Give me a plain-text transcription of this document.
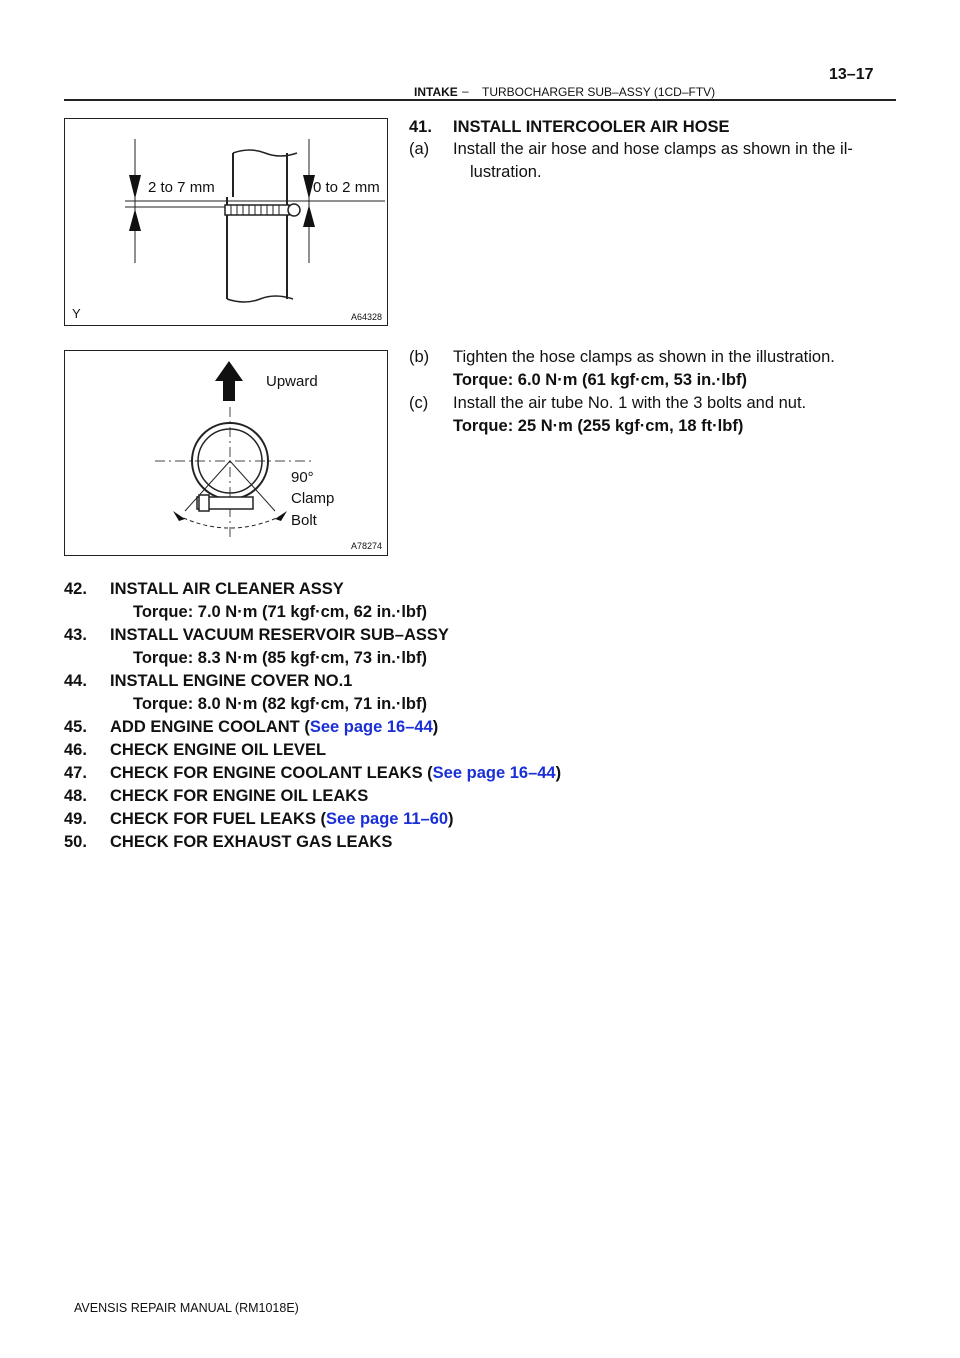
13–17
INTAKE – TURBOCHARGER SUB–ASSY (1CD–FTV)
2 to 7 mm	0 to 2 mm
Y	A64328
Upward
90°
Clamp
Bolt
A78274
41. INSTALL INTERCOOLER AIR HOSE
(a) Install the air hose and hose clamps as shown in the il-
lustration.
(b) Tighten the hose clamps as shown in the illustration.
Torque: 6.0 N·m (61 kgf·cm, 53 in.·lbf)
(c) Install the air tube No. 1 with the 3 bolts and nut.
Torque: 25 N·m (255 kgf·cm, 18 ft·lbf)
42. INSTALL AIR CLEANER ASSY
Torque: 7.0 N·m (71 kgf·cm, 62 in.·lbf)
43. INSTALL VACUUM RESERVOIR SUB–ASSY
Torque: 8.3 N·m (85 kgf·cm, 73 in.·lbf)
44. INSTALL ENGINE COVER NO.1
Torque: 8.0 N·m (82 kgf·cm, 71 in.·lbf)
45. ADD ENGINE COOLANT (See page 16–44)
46. CHECK ENGINE OIL LEVEL
47. CHECK FOR ENGINE COOLANT LEAKS (See page 16–44)
48. CHECK FOR ENGINE OIL LEAKS
49. CHECK FOR FUEL LEAKS (See page 11–60)
50. CHECK FOR EXHAUST GAS LEAKS
AVENSIS REPAIR MANUAL (RM1018E)
